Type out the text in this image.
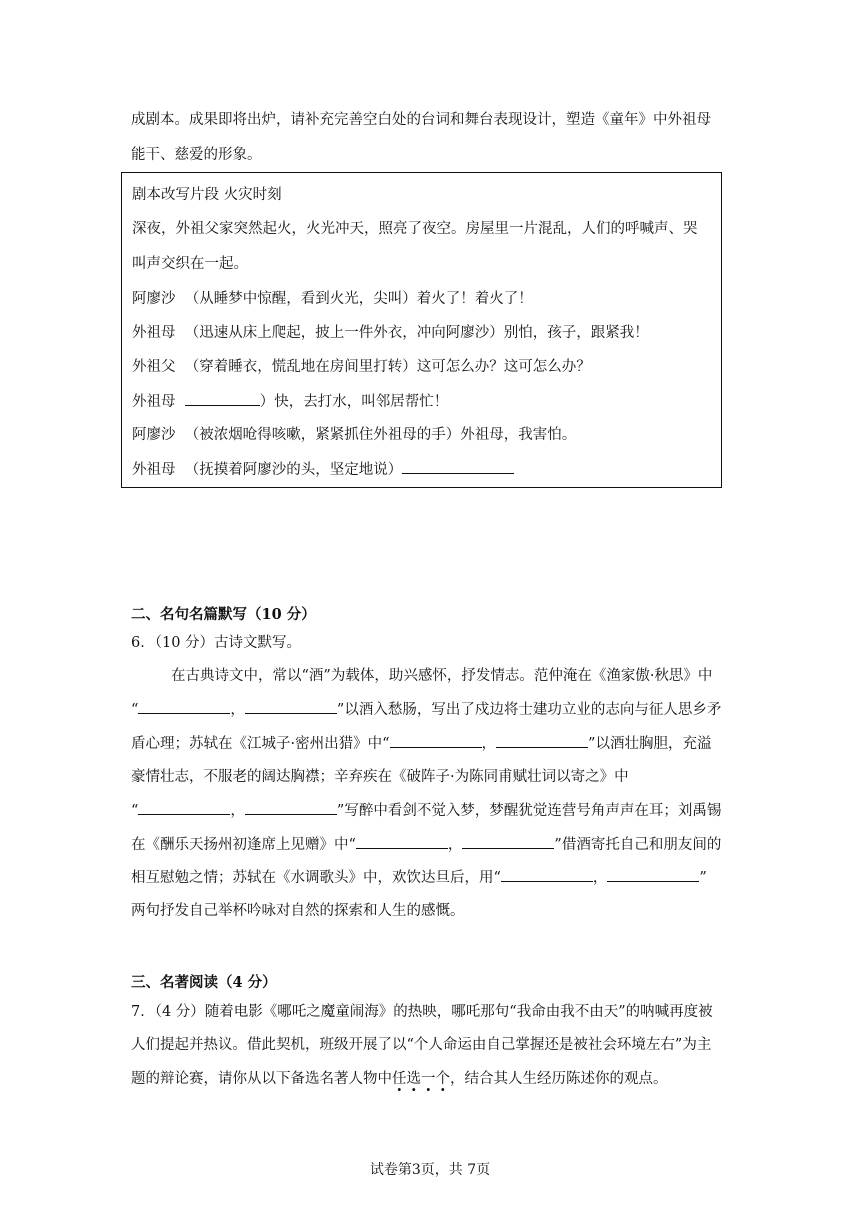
成剧本。成果即将出炉，请补充完善空白处的台词和舞台表现设计，塑造《童年》中外祖母
能干、慈爱的形象。
剧本改写片段 火灾时刻
深夜，外祖父家突然起火，火光冲天，照亮了夜空。房屋里一片混乱，人们的呼喊声、哭
叫声交织在一起。
阿廖沙 （从睡梦中惊醒，看到火光，尖叫）着火了！着火了！
外祖母 （迅速从床上爬起，披上一件外衣，冲向阿廖沙）别怕，孩子，跟紧我！
外祖父 （穿着睡衣，慌乱地在房间里打转）这可怎么办？这可怎么办？
外祖母	）快，去打水，叫邻居帮忙！
阿廖沙 （被浓烟呛得咳嗽，紧紧抓住外祖母的手）外祖母，我害怕。
外祖母 （抚摸着阿廖沙的头，坚定地说）
二、名句名篇默写（10 分）
6．（10 分）古诗文默写。
在古典诗文中，常以“酒”为载体，助兴感怀，抒发情志。范仲淹在《渔家傲·秋思》中
“	，	”以酒入愁肠，写出了戍边将士建功立业的志向与征人思乡矛
盾心理；苏轼在《江城子·密州出猎》中“	，	”以酒壮胸胆，充溢
豪情壮志，不服老的阔达胸襟；辛弃疾在《破阵子·为陈同甫赋壮词以寄之》中
“	，	”写醉中看剑不觉入梦，梦醒犹觉连营号角声声在耳；刘禹锡
在《酬乐天扬州初逢席上见赠》中“	，	”借酒寄托自己和朋友间的
相互慰勉之情；苏轼在《水调歌头》中，欢饮达旦后，用“	，	”
两句抒发自己举杯吟咏对自然的探索和人生的感慨。
三、名著阅读（4 分）
7．（4 分）随着电影《哪吒之魔童闹海》的热映，哪吒那句“我命由我不由天”的呐喊再度被
人们提起并热议。借此契机，班级开展了以“个人命运由自己掌握还是被社会环境左右”为主
题的辩论赛，请你从以下备选名著人物中任选一个，结合其人生经历陈述你的观点。
试卷第3页，共 7页
